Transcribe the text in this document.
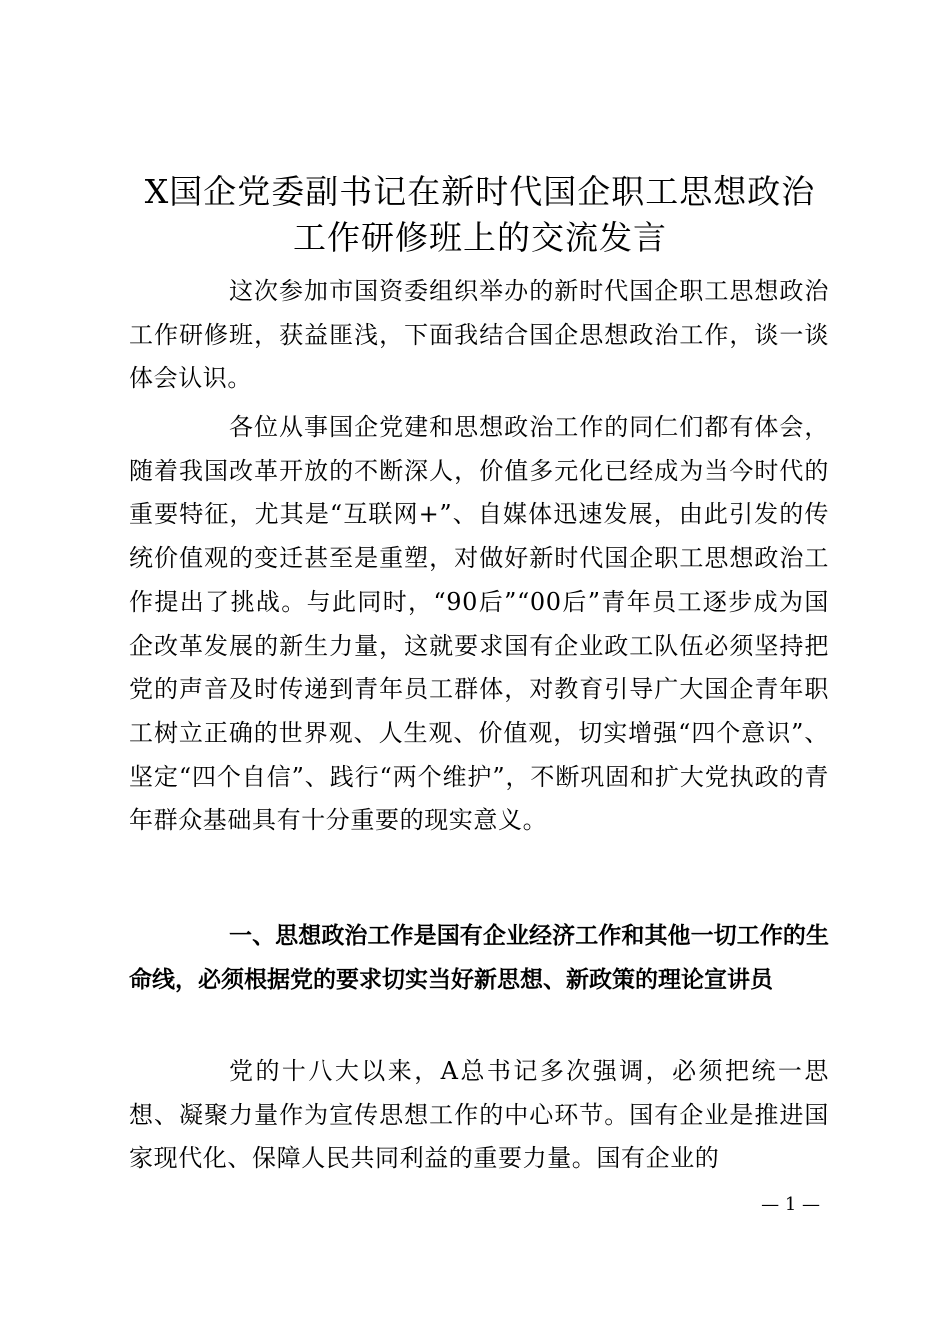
X国企党委副书记在新时代国企职工思想政治
工作研修班上的交流发言

这次参加市国资委组织举办的新时代国企职工思想政治工作研修班，获益匪浅，下面我结合国企思想政治工作，谈一谈体会认识。

各位从事国企党建和思想政治工作的同仁们都有体会，随着我国改革开放的不断深人，价值多元化已经成为当今时代的重要特征，尤其是“互联网+”、自媒体迅速发展，由此引发的传统价值观的变迁甚至是重塑，对做好新时代国企职工思想政治工作提出了挑战。与此同时，“90后”“00后”青年员工逐步成为国企改革发展的新生力量，这就要求国有企业政工队伍必须坚持把党的声音及时传递到青年员工群体，对教育引导广大国企青年职工树立正确的世界观、人生观、价值观，切实增强“四个意识”、坚定“四个自信”、践行“两个维护”，不断巩固和扩大党执政的青年群众基础具有十分重要的现实意义。

一、思想政治工作是国有企业经济工作和其他一切工作的生命线，必须根据党的要求切实当好新思想、新政策的理论宣讲员

党的十八大以来，A总书记多次强调，必须把统一思想、凝聚力量作为宣传思想工作的中心环节。国有企业是推进国家现代化、保障人民共同利益的重要力量。国有企业的

— 1 —
